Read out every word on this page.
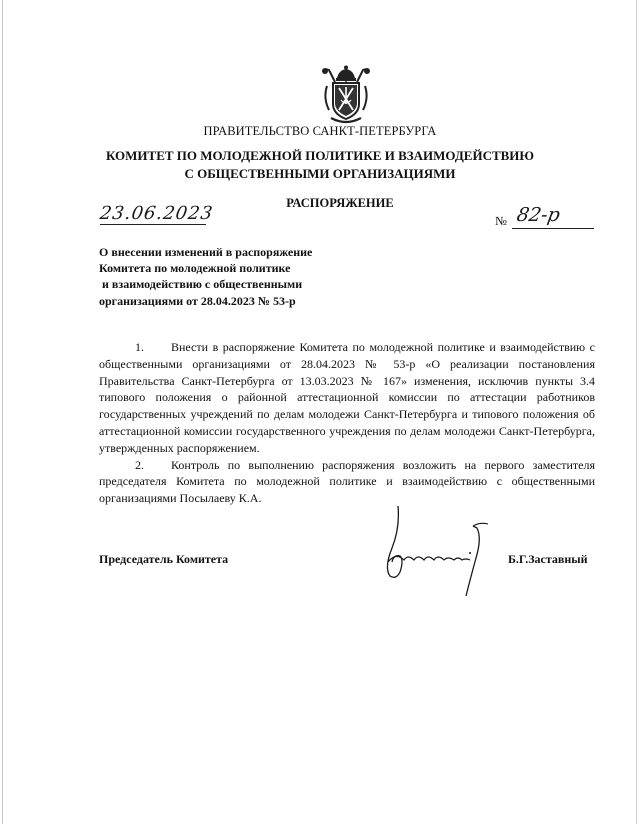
ПРАВИТЕЛЬСТВО САНКТ-ПЕТЕРБУРГА
КОМИТЕТ ПО МОЛОДЕЖНОЙ ПОЛИТИКЕ И ВЗАИМОДЕЙСТВИЮ
С ОБЩЕСТВЕННЫМИ ОРГАНИЗАЦИЯМИ
РАСПОРЯЖЕНИЕ
23.06.2023	№ 82-р
О внесении изменений в распоряжение
Комитета по молодежной политике
и взаимодействию с общественными
организациями от 28.04.2023 № 53-р
1. Внести в распоряжение Комитета по молодежной политике и взаимодействию с общественными организациями от 28.04.2023 № 53-р «О реализации постановления Правительства Санкт-Петербурга от 13.03.2023 № 167» изменения, исключив пункты 3.4 типового положения о районной аттестационной комиссии по аттестации работников государственных учреждений по делам молодежи Санкт-Петербурга и типового положения об аттестационной комиссии государственного учреждения по делам молодежи Санкт-Петербурга, утвержденных распоряжением.
2. Контроль по выполнению распоряжения возложить на первого заместителя председателя Комитета по молодежной политике и взаимодействию с общественными организациями Посылаеву К.А.
Председатель Комитета	Б.Г.Заставный
